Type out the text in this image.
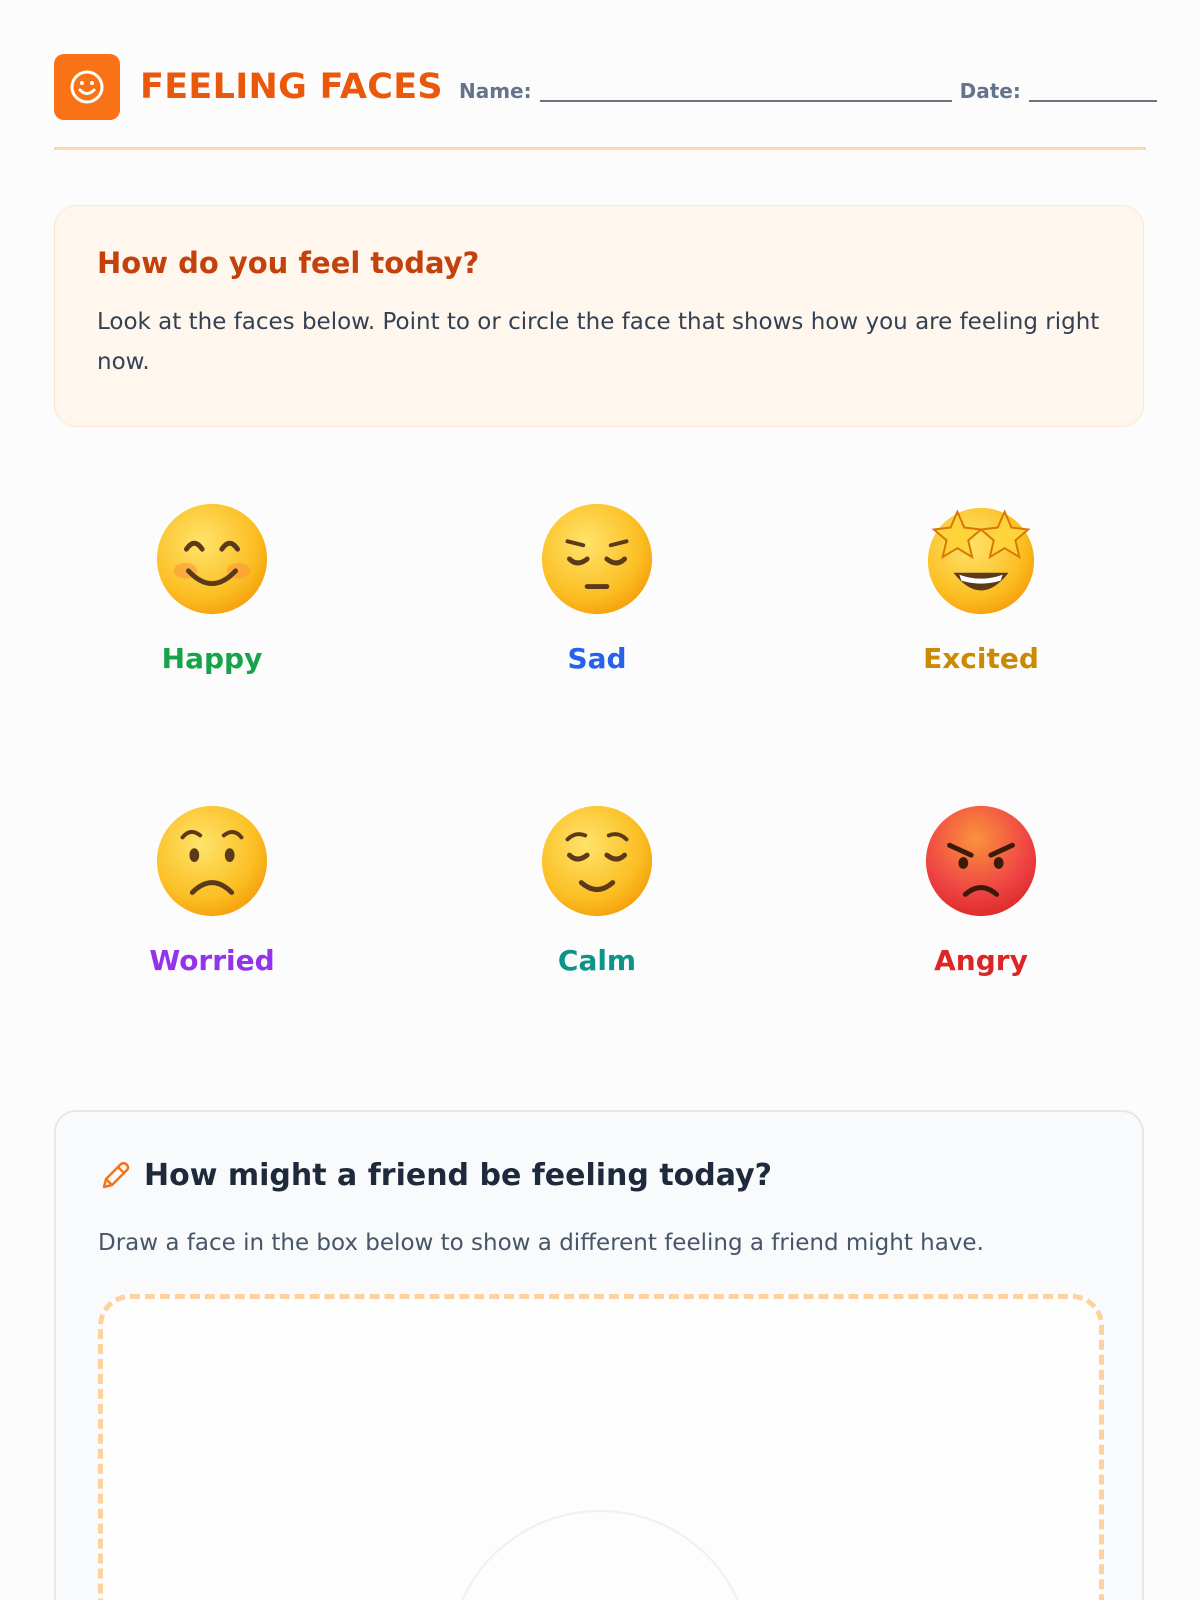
FEELING FACES Name:	Date:
How do you feel today?

Look at the faces below. Point to or circle the face that shows how you are feeling right now.

Happy	Sad	Excited
Worried	Calm	Angry
How might a friend be feeling today?

Draw a face in the box below to show a different feeling a friend might have.
